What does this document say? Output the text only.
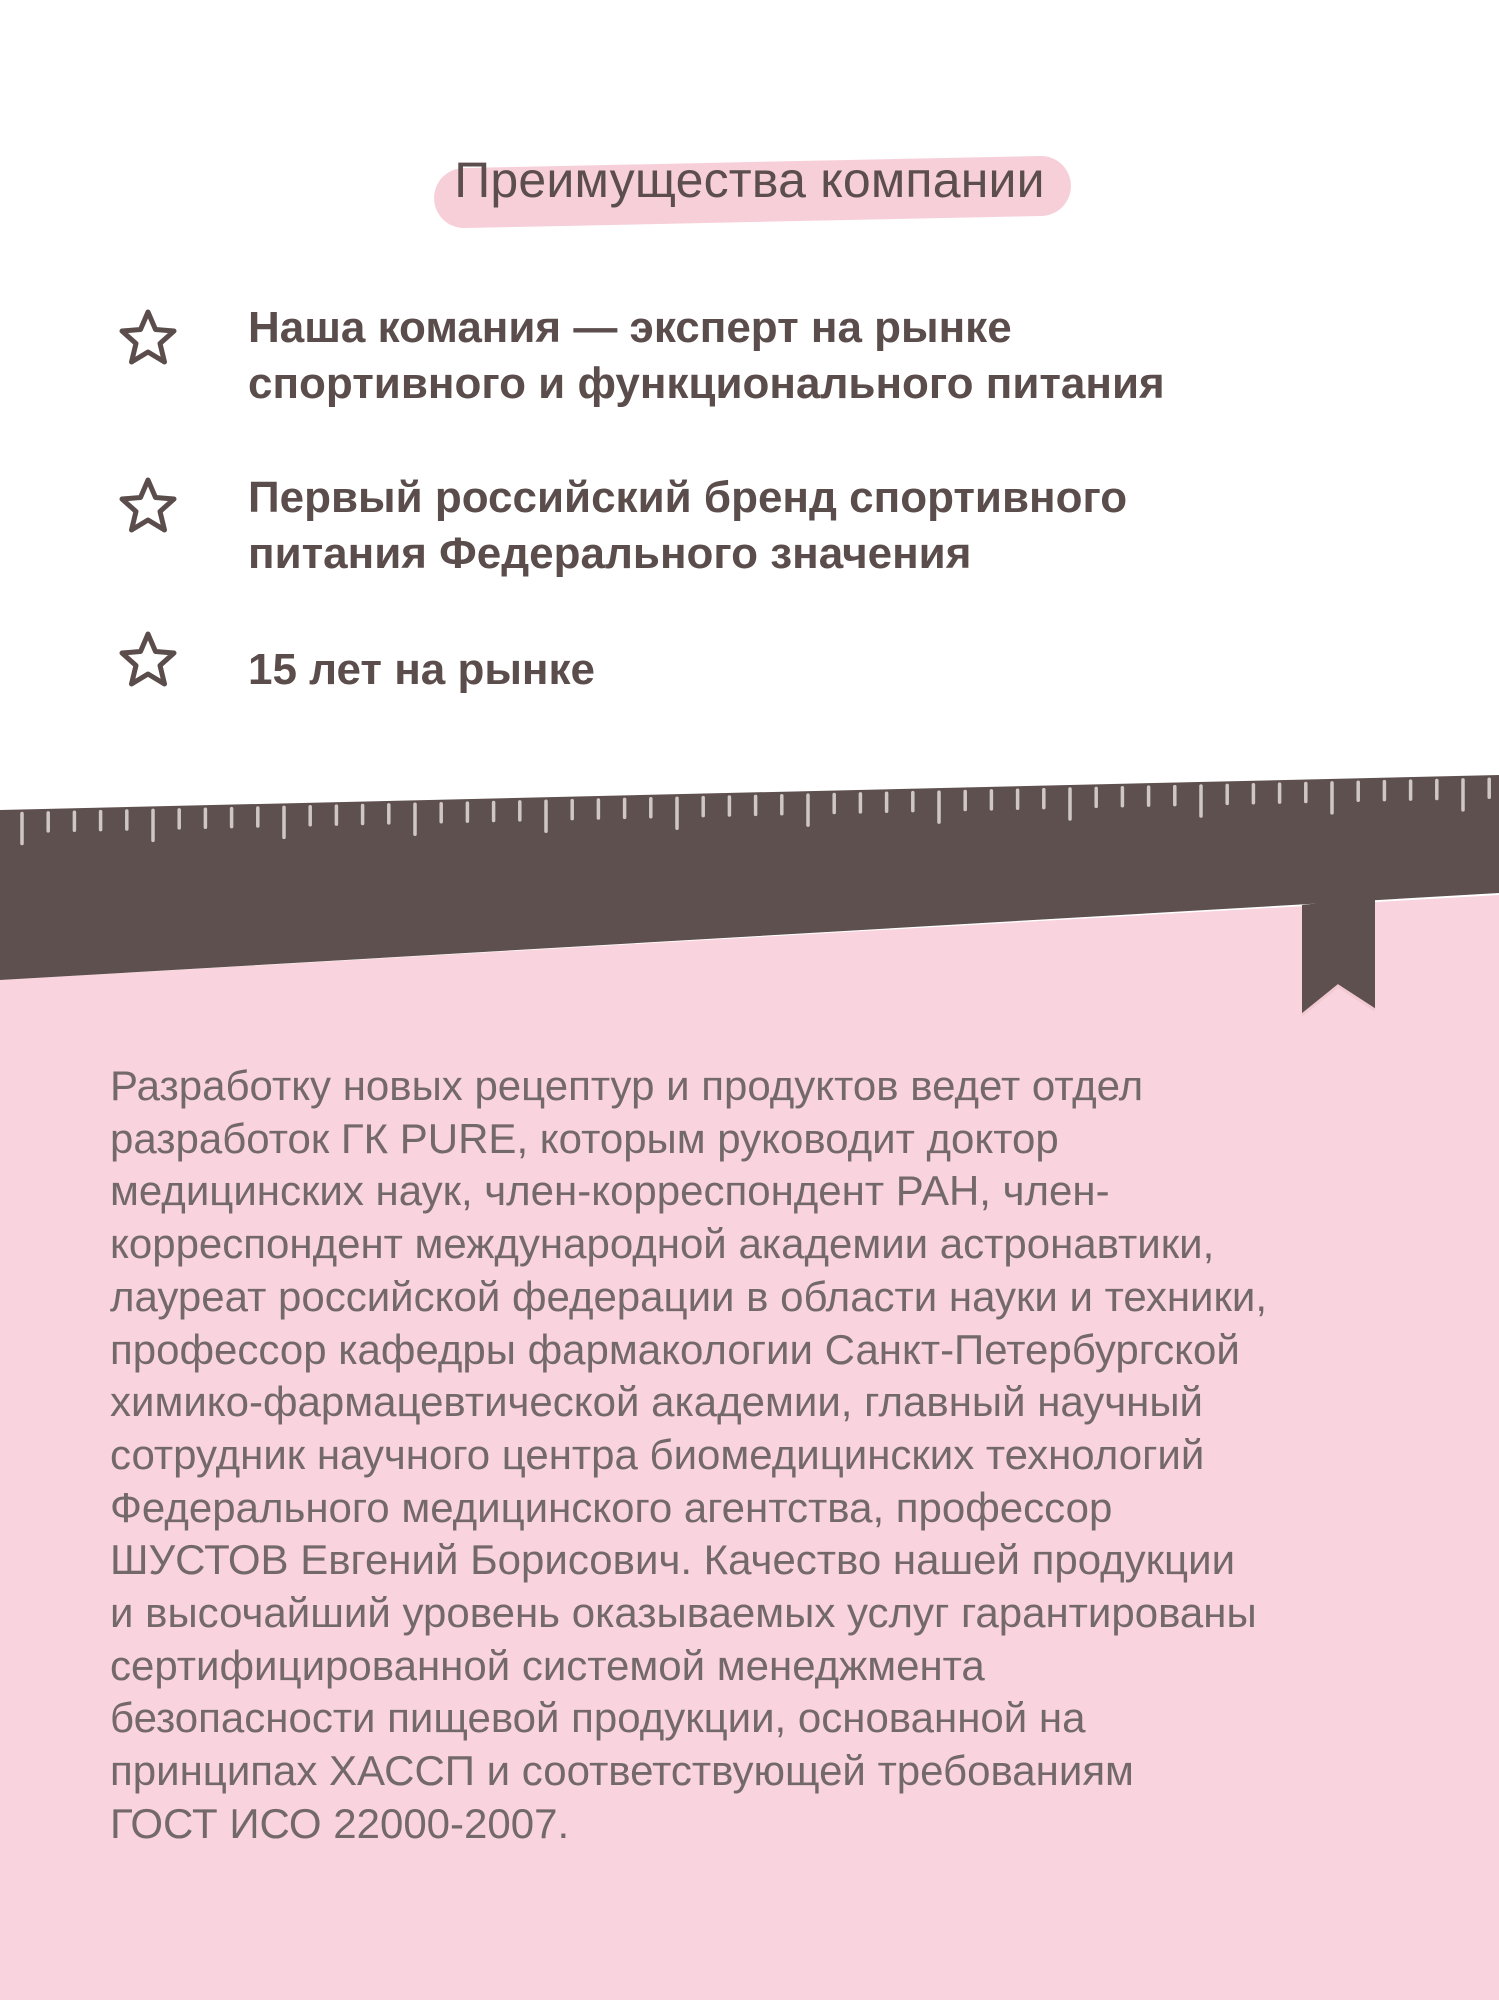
Преимущества компании
Наша комания — эксперт на рынке
спортивного и функционального питания
Первый российский бренд спортивного
питания Федерального значения
15 лет на рынке
Разработку новых рецептур и продуктов ведет отдел
разработок ГК PURE, которым руководит доктор
медицинских наук, член-корреспондент РАН, член-
корреспондент международной академии астронавтики,
лауреат российской федерации в области науки и техники,
профессор кафедры фармакологии Санкт-Петербургской
химико-фармацевтической академии, главный научный
сотрудник научного центра биомедицинских технологий
Федерального медицинского агентства, профессор
ШУСТОВ Евгений Борисович. Качество нашей продукции
и высочайший уровень оказываемых услуг гарантированы
сертифицированной системой менеджмента
безопасности пищевой продукции, основанной на
принципах ХАССП и соответствующей требованиям
ГОСТ ИСО 22000-2007.
